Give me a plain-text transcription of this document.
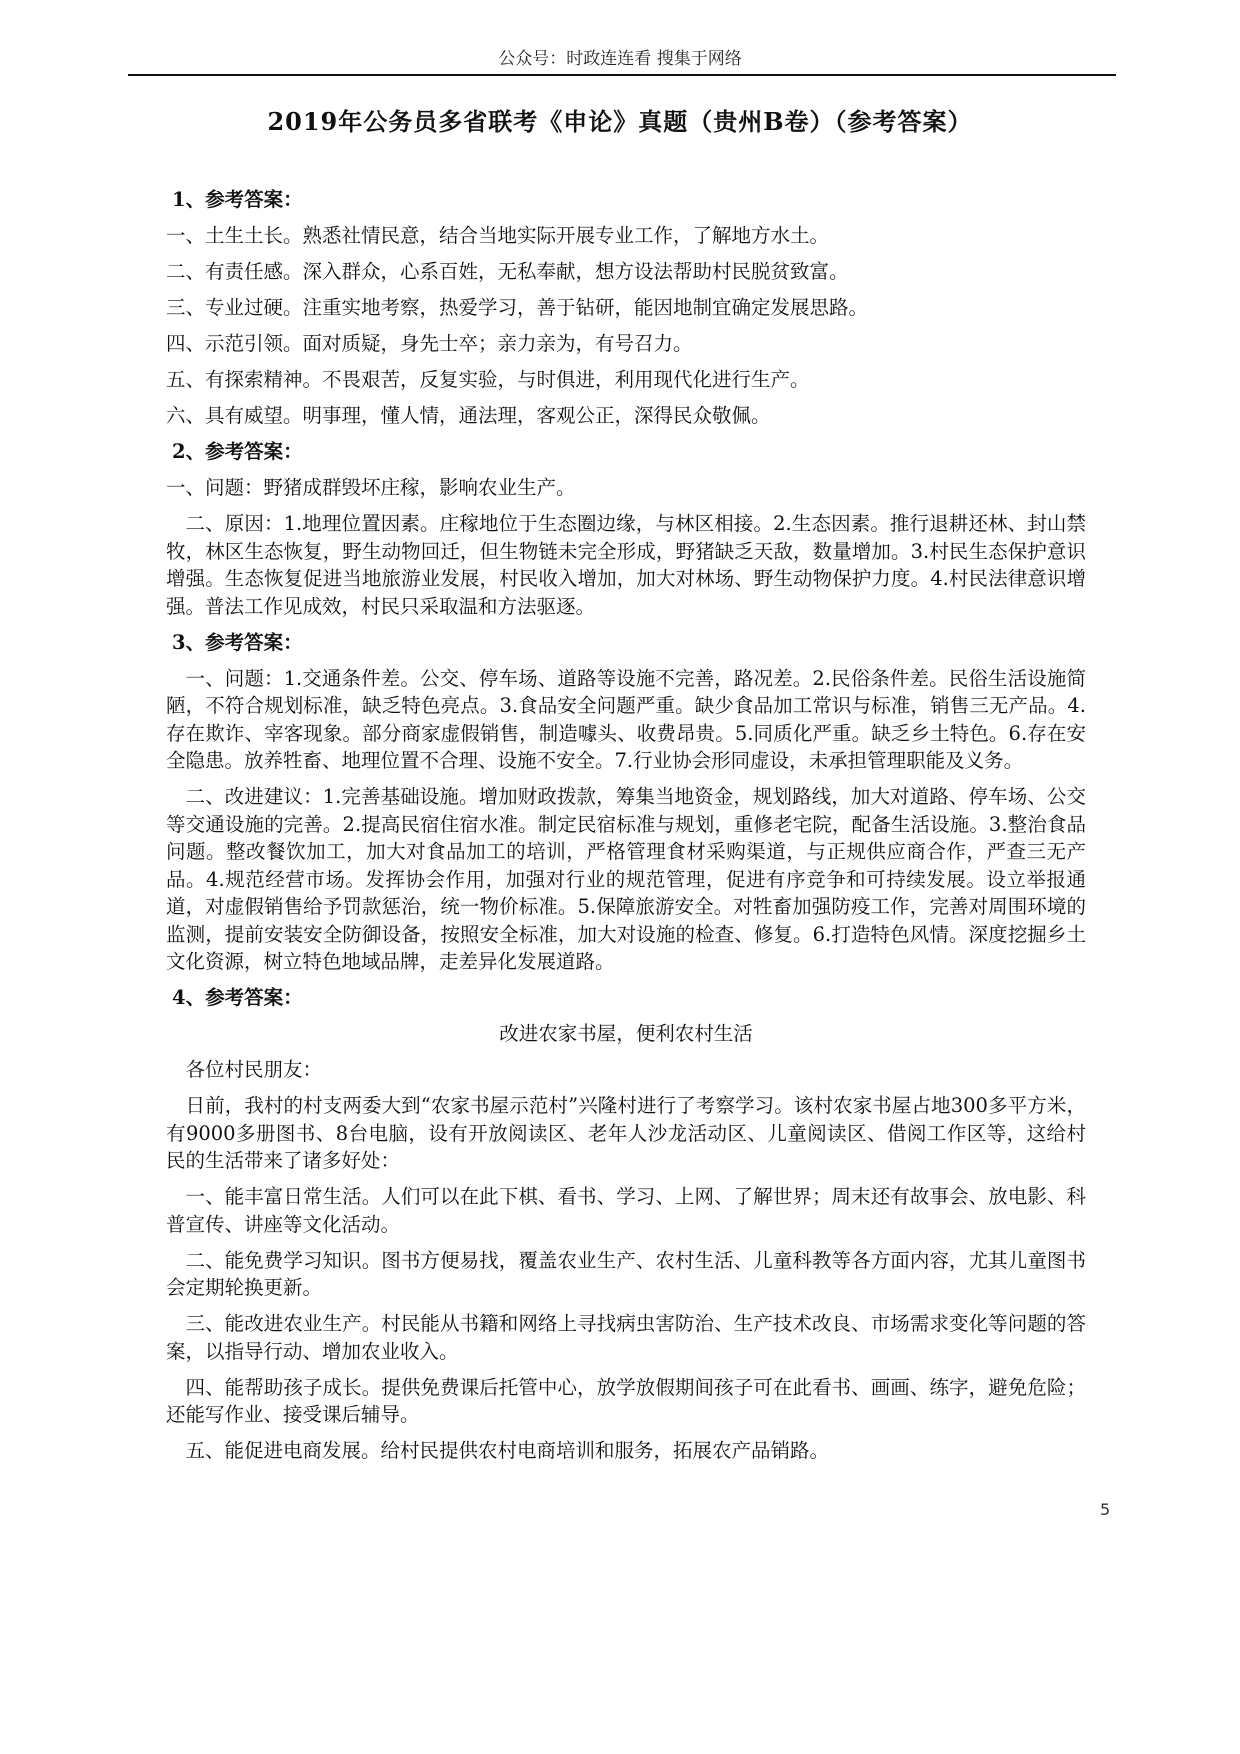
公众号：时政连连看 搜集于网络
2019年公务员多省联考《申论》真题（贵州B卷）（参考答案）
1、参考答案：

一、土生土长。熟悉社情民意，结合当地实际开展专业工作，了解地方水土。

二、有责任感。深入群众，心系百姓，无私奉献，想方设法帮助村民脱贫致富。

三、专业过硬。注重实地考察，热爱学习，善于钻研，能因地制宜确定发展思路。

四、示范引领。面对质疑，身先士卒；亲力亲为，有号召力。

五、有探索精神。不畏艰苦，反复实验，与时俱进，利用现代化进行生产。

六、具有威望。明事理，懂人情，通法理，客观公正，深得民众敬佩。

2、参考答案：

一、问题：野猪成群毁坏庄稼，影响农业生产。

二、原因：1.地理位置因素。庄稼地位于生态圈边缘，与林区相接。2.生态因素。推行退耕还林、封山禁牧，林区生态恢复，野生动物回迁，但生物链未完全形成，野猪缺乏天敌，数量增加。3.村民生态保护意识增强。生态恢复促进当地旅游业发展，村民收入增加，加大对林场、野生动物保护力度。4.村民法律意识增强。普法工作见成效，村民只采取温和方法驱逐。

3、参考答案：

一、问题：1.交通条件差。公交、停车场、道路等设施不完善，路况差。2.民俗条件差。民俗生活设施简陋，不符合规划标准，缺乏特色亮点。3.食品安全问题严重。缺少食品加工常识与标准，销售三无产品。4.存在欺诈、宰客现象。部分商家虚假销售，制造噱头、收费昂贵。5.同质化严重。缺乏乡土特色。6.存在安全隐患。放养牲畜、地理位置不合理、设施不安全。7.行业协会形同虚设，未承担管理职能及义务。

二、改进建议：1.完善基础设施。增加财政拨款，筹集当地资金，规划路线，加大对道路、停车场、公交等交通设施的完善。2.提高民宿住宿水准。制定民宿标准与规划，重修老宅院，配备生活设施。3.整治食品问题。整改餐饮加工，加大对食品加工的培训，严格管理食材采购渠道，与正规供应商合作，严查三无产品。4.规范经营市场。发挥协会作用，加强对行业的规范管理，促进有序竞争和可持续发展。设立举报通道，对虚假销售给予罚款惩治，统一物价标准。5.保障旅游安全。对牲畜加强防疫工作，完善对周围环境的监测，提前安装安全防御设备，按照安全标准，加大对设施的检查、修复。6.打造特色风情。深度挖掘乡土文化资源，树立特色地域品牌，走差异化发展道路。

4、参考答案：

改进农家书屋，便利农村生活

各位村民朋友：

日前，我村的村支两委大到“农家书屋示范村”兴隆村进行了考察学习。该村农家书屋占地300多平方米，有9000多册图书、8台电脑，设有开放阅读区、老年人沙龙活动区、儿童阅读区、借阅工作区等，这给村民的生活带来了诸多好处：

一、能丰富日常生活。人们可以在此下棋、看书、学习、上网、了解世界；周末还有故事会、放电影、科普宣传、讲座等文化活动。

二、能免费学习知识。图书方便易找，覆盖农业生产、农村生活、儿童科教等各方面内容，尤其儿童图书会定期轮换更新。

三、能改进农业生产。村民能从书籍和网络上寻找病虫害防治、生产技术改良、市场需求变化等问题的答案，以指导行动、增加农业收入。

四、能帮助孩子成长。提供免费课后托管中心，放学放假期间孩子可在此看书、画画、练字，避免危险；还能写作业、接受课后辅导。

五、能促进电商发展。给村民提供农村电商培训和服务，拓展农产品销路。

5
